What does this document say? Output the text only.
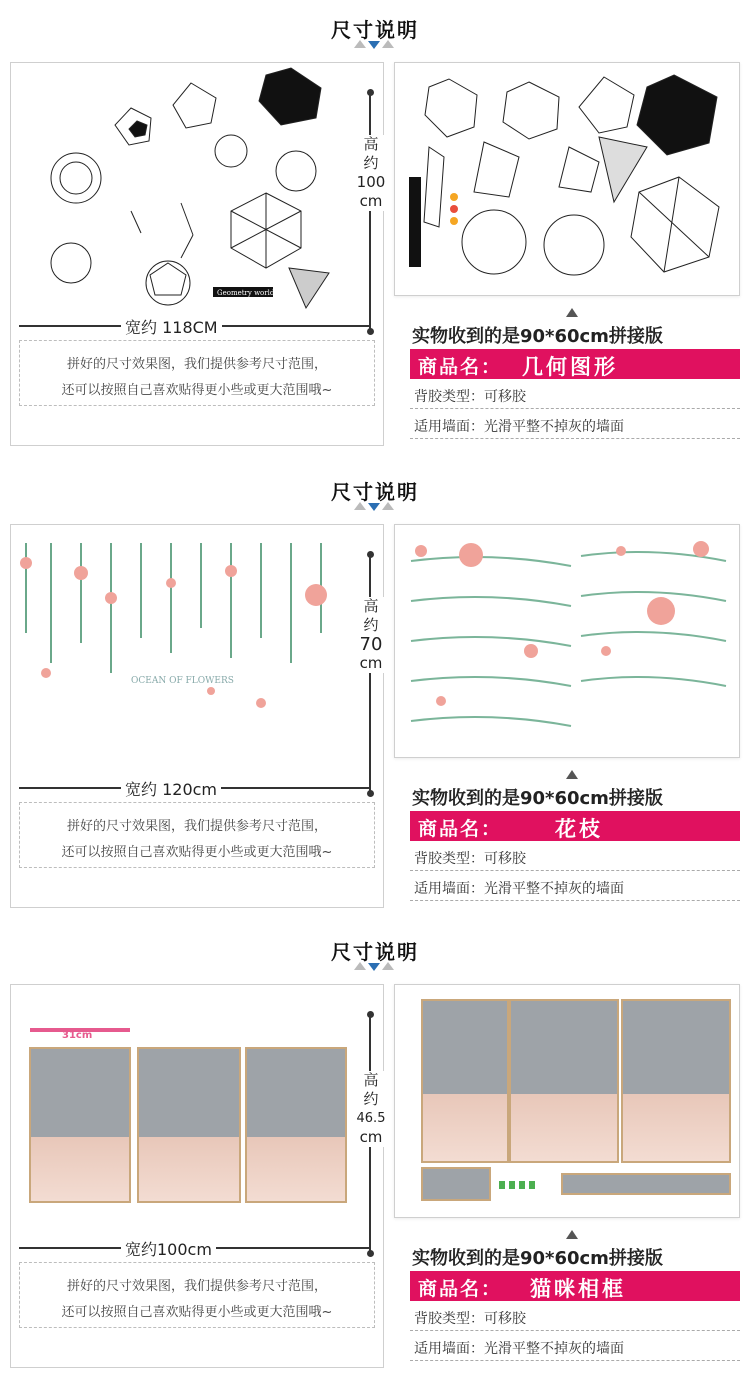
尺寸说明
Geometry world
高
约
100
cm
宽约 118CM
拼好的尺寸效果图，我们提供参考尺寸范围，
还可以按照自己喜欢贴得更小些或更大范围哦~
实物收到的是90*60cm拼接版
商品名： 几何图形
背胶类型：可移胶
适用墙面：光滑平整不掉灰的墙面
尺寸说明
OCEAN OF FLOWERS
高
约
70
cm
宽约 120cm
拼好的尺寸效果图，我们提供参考尺寸范围，
还可以按照自己喜欢贴得更小些或更大范围哦~
实物收到的是90*60cm拼接版
商品名：	花枝
背胶类型：可移胶
适用墙面：光滑平整不掉灰的墙面
尺寸说明
高
约
46.5
cm
宽约100cm
拼好的尺寸效果图，我们提供参考尺寸范围，
还可以按照自己喜欢贴得更小些或更大范围哦~
实物收到的是90*60cm拼接版
商品名： 猫咪相框
背胶类型：可移胶
适用墙面：光滑平整不掉灰的墙面
31cm
